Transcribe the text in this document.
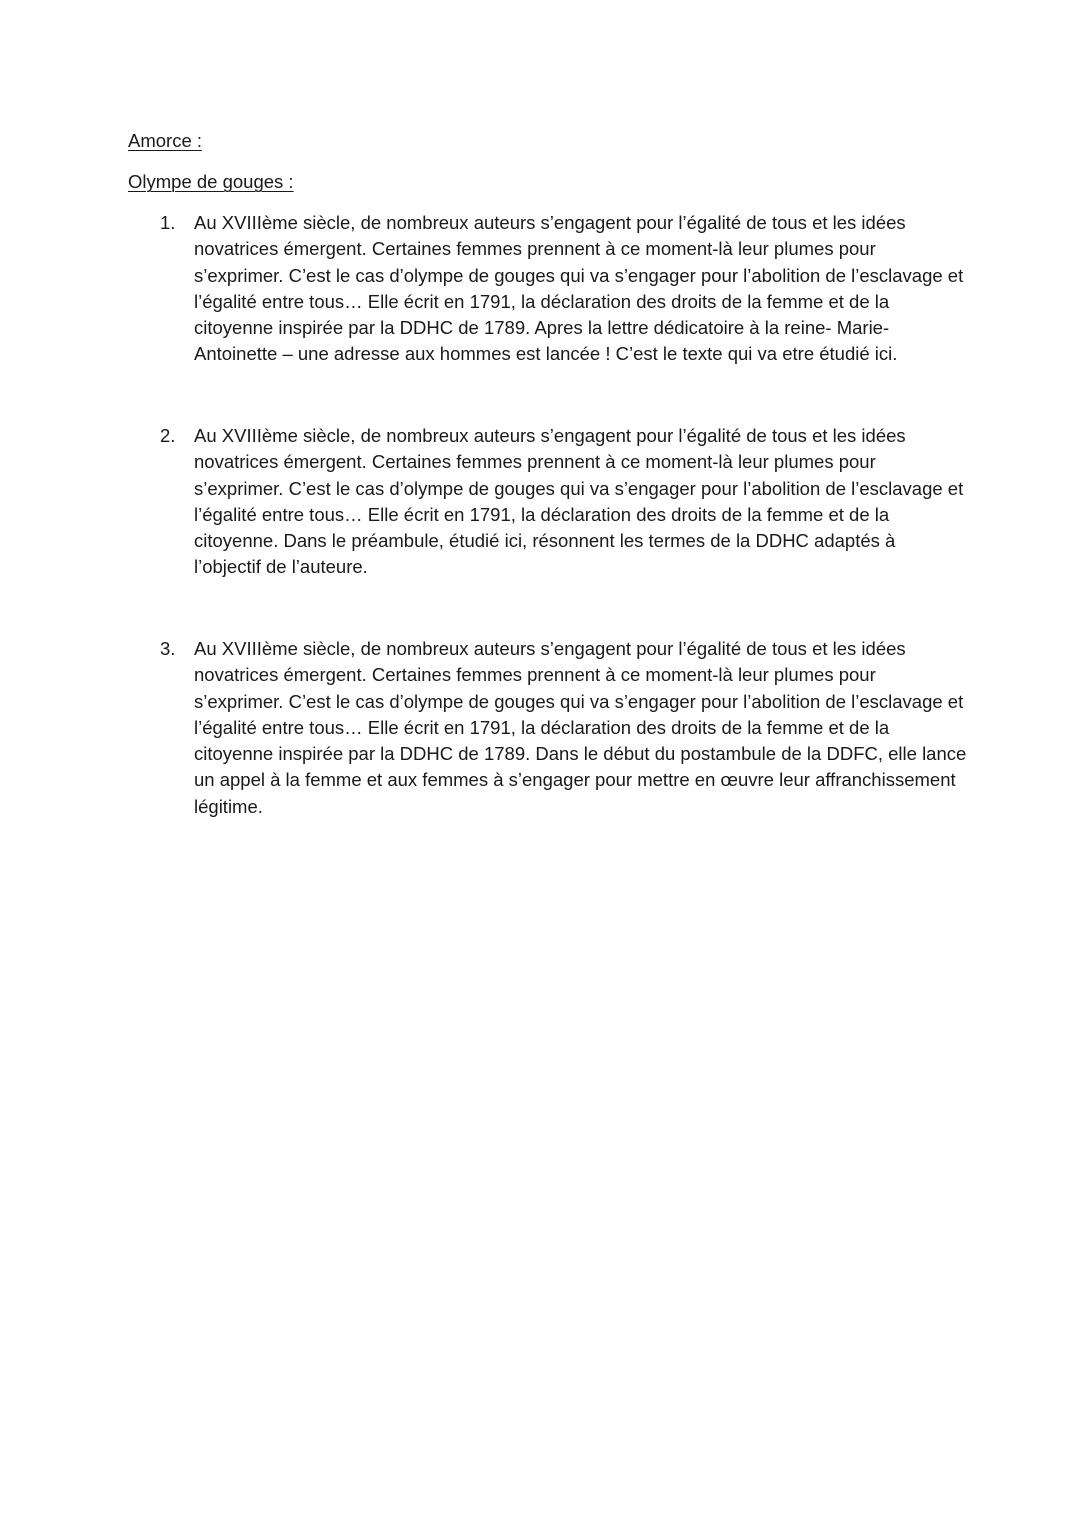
Amorce :
Olympe de gouges :
1.	Au XVIIIème siècle, de nombreux auteurs s’engagent pour l’égalité de tous et les idées
novatrices émergent. Certaines femmes prennent à ce moment-là leur plumes pour
s’exprimer. C’est le cas d’olympe de gouges qui va s’engager pour l’abolition de l’esclavage et
l’égalité entre tous… Elle écrit en 1791, la déclaration des droits de la femme et de la
citoyenne inspirée par la DDHC de 1789. Apres la lettre dédicatoire à la reine- Marie-
Antoinette – une adresse aux hommes est lancée ! C’est le texte qui va etre étudié ici.

2.	Au XVIIIème siècle, de nombreux auteurs s’engagent pour l’égalité de tous et les idées
novatrices émergent. Certaines femmes prennent à ce moment-là leur plumes pour
s’exprimer. C’est le cas d’olympe de gouges qui va s’engager pour l’abolition de l’esclavage et
l’égalité entre tous… Elle écrit en 1791, la déclaration des droits de la femme et de la
citoyenne. Dans le préambule, étudié ici, résonnent les termes de la DDHC adaptés à
l’objectif de l’auteure.

3.	Au XVIIIème siècle, de nombreux auteurs s’engagent pour l’égalité de tous et les idées
novatrices émergent. Certaines femmes prennent à ce moment-là leur plumes pour
s’exprimer. C’est le cas d’olympe de gouges qui va s’engager pour l’abolition de l’esclavage et
l’égalité entre tous… Elle écrit en 1791, la déclaration des droits de la femme et de la
citoyenne inspirée par la DDHC de 1789. Dans le début du postambule de la DDFC, elle lance
un appel à la femme et aux femmes à s’engager pour mettre en œuvre leur affranchissement
légitime.
